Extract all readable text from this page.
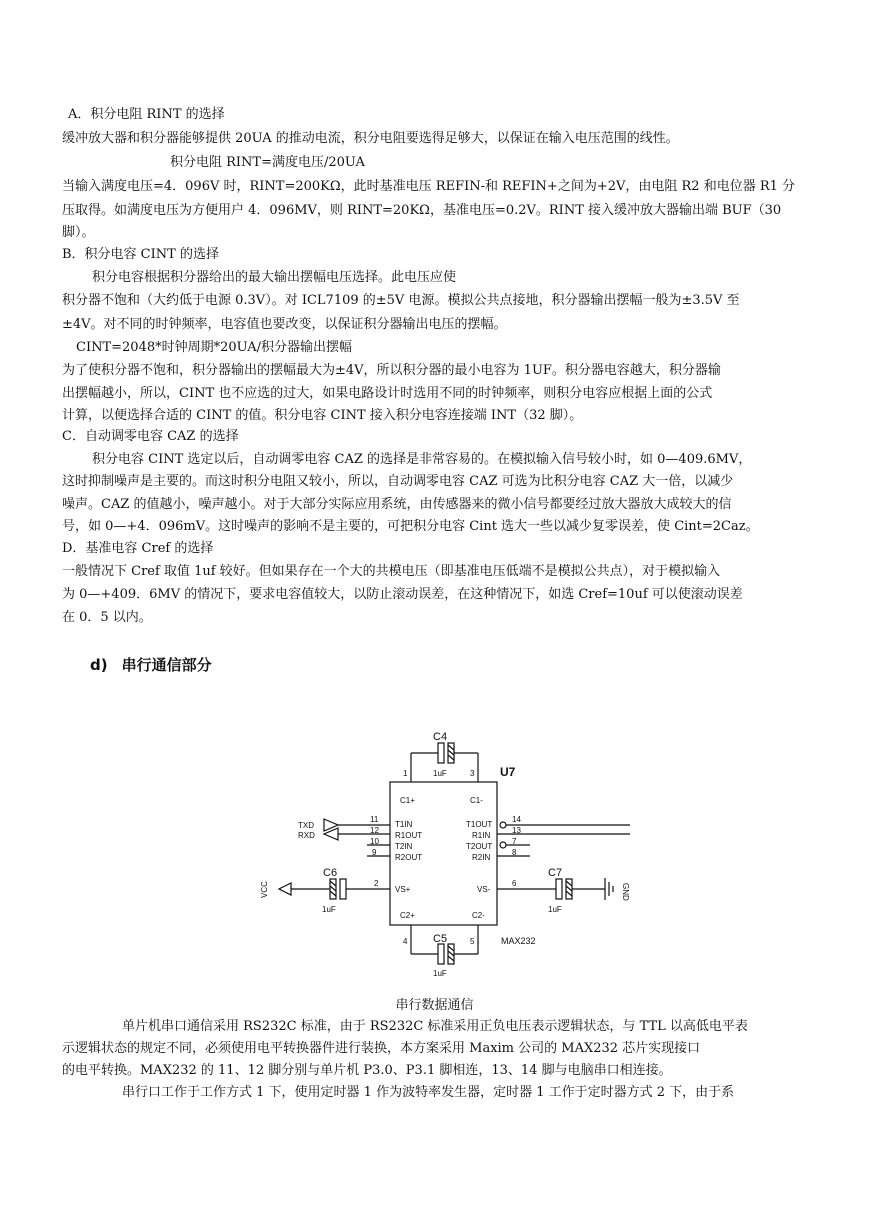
A．积分电阻 RINT 的选择
缓冲放大器和积分器能够提供 20UA 的推动电流，积分电阻要选得足够大，以保证在输入电压范围的线性。
积分电阻 RINT=满度电压/20UA
当输入满度电压=4．096V 时，RINT=200KΩ，此时基准电压 REFIN-和 REFIN+之间为+2V，由电阻 R2 和电位器 R1 分
压取得。如满度电压为方便用户 4．096MV，则 RINT=20KΩ，基准电压=0.2V。RINT 接入缓冲放大器输出端 BUF（30
脚）。
B．积分电容 CINT 的选择
积分电容根据积分器给出的最大输出摆幅电压选择。此电压应使
积分器不饱和（大约低于电源 0.3V）。对 ICL7109 的±5V 电源。模拟公共点接地，积分器输出摆幅一般为±3.5V 至
±4V。对不同的时钟频率，电容值也要改变，以保证积分器输出电压的摆幅。
CINT=2048*时钟周期*20UA/积分器输出摆幅
为了使积分器不饱和，积分器输出的摆幅最大为±4V，所以积分器的最小电容为 1UF。积分器电容越大，积分器输
出摆幅越小，所以，CINT 也不应选的过大，如果电路设计时选用不同的时钟频率，则积分电容应根据上面的公式
计算，以便选择合适的 CINT 的值。积分电容 CINT 接入积分电容连接端 INT（32 脚）。
C．自动调零电容 CAZ 的选择
积分电容 CINT 选定以后，自动调零电容 CAZ 的选择是非常容易的。在模拟输入信号较小时，如 0—409.6MV，
这时抑制噪声是主要的。而这时积分电阻又较小，所以，自动调零电容 CAZ 可选为比积分电容 CAZ 大一倍，以减少
噪声。CAZ 的值越小，噪声越小。对于大部分实际应用系统，由传感器来的微小信号都要经过放大器放大成较大的信
号，如 0—+4．096mV。这时噪声的影响不是主要的，可把积分电容 Cint 选大一些以减少复零误差，使 Cint=2Caz。
D．基准电容 Cref 的选择
一般情况下 Cref 取值 1uf 较好。但如果存在一个大的共模电压（即基准电压低端不是模拟公共点），对于模拟输入
为 0—+409．6MV 的情况下，要求电容值较大，以防止滚动误差，在这种情况下，如选 Cref=10uf 可以使滚动误差
在 0．5 以内。
d) 串行通信部分
U7
MAX232
C4
1uF
1	3
C1+	C1-
T1IN
R1OUT
T2IN
R2OUT
T1OUT
R1IN
T2OUT
R2IN
TXD
RXD
11
12
10
9
14
13
7
8
C6
1uF
VCC	2
VS+
C7
1uF
GND
6
VS-
C2+	C2-
C5
1uF
4	5
串行数据通信
单片机串口通信采用 RS232C 标准，由于 RS232C 标准采用正负电压表示逻辑状态，与 TTL 以高低电平表
示逻辑状态的规定不同，必须使用电平转换器件进行装换，本方案采用 Maxim 公司的 MAX232 芯片实现接口
的电平转换。MAX232 的 11、12 脚分别与单片机 P3.0、P3.1 脚相连，13、14 脚与电脑串口相连接。
串行口工作于工作方式 1 下，使用定时器 1 作为波特率发生器，定时器 1 工作于定时器方式 2 下，由于系
